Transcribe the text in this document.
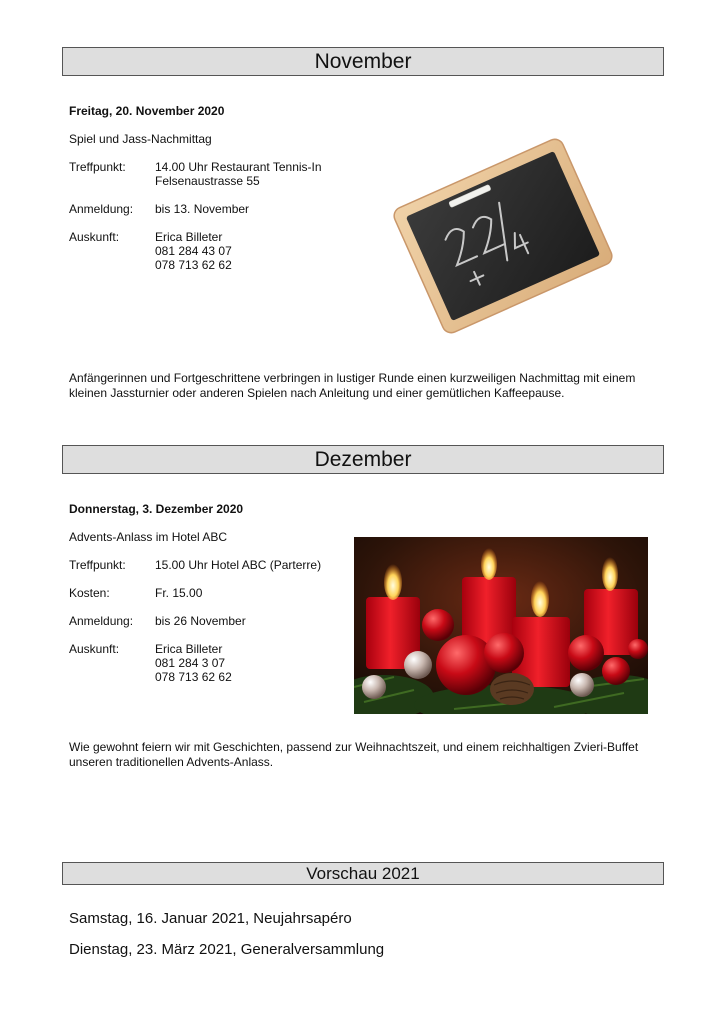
November
Freitag, 20. November 2020
Spiel und Jass-Nachmittag
Treffpunkt: 14.00 Uhr Restaurant Tennis-In
Felsenaustrasse 55
Anmeldung: bis 13. November
Auskunft:	Erica Billeter
081 284 43 07
078 713 62 62
Anfängerinnen und Fortgeschrittene verbringen in lustiger Runde einen kurzweiligen Nachmittag mit einem kleinen Jassturnier oder anderen Spielen nach Anleitung und einer gemütlichen Kaffeepause.
Dezember
Donnerstag, 3. Dezember 2020
Advents-Anlass im Hotel ABC
Treffpunkt: 15.00 Uhr Hotel ABC (Parterre)
Kosten:	Fr. 15.00
Anmeldung: bis 26 November
Auskunft:	Erica Billeter
081 284 3 07
078 713 62 62
Wie gewohnt feiern wir mit Geschichten, passend zur Weihnachtszeit, und einem reichhaltigen Zvieri-Buffet unseren traditionellen Advents-Anlass.
Vorschau 2021
Samstag, 16. Januar 2021, Neujahrsapéro
Dienstag, 23. März 2021, Generalversammlung
